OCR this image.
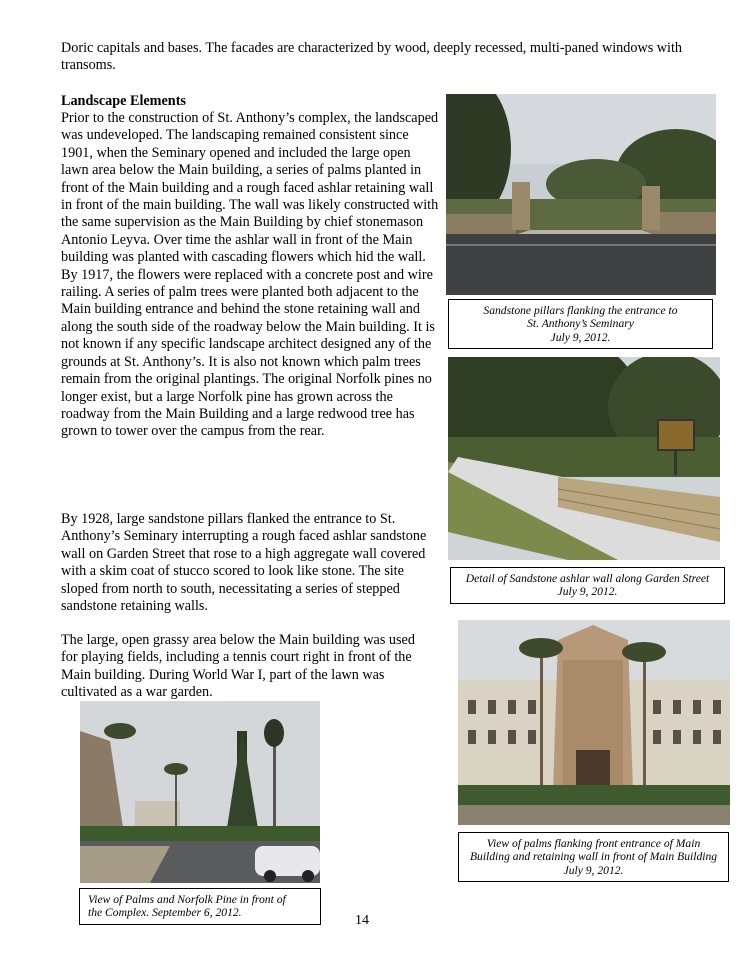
Doric capitals and bases. The facades are characterized by wood, deeply recessed, multi-paned windows with transoms.

Landscape Elements

Prior to the construction of St. Anthony’s complex, the landscaped was undeveloped. The landscaping remained consistent since 1901, when the Seminary opened and included the large open lawn area below the Main building, a series of palms planted in front of the Main building and a rough faced ashlar retaining wall in front of the main building. The wall was likely constructed with the same supervision as the Main Building by chief stonemason Antonio Leyva. Over time the ashlar wall in front of the Main building was planted with cascading flowers which hid the wall. By 1917, the flowers were replaced with a concrete post and wire railing. A series of palm trees were planted both adjacent to the Main building entrance and behind the stone retaining wall and along the south side of the roadway below the Main building. It is not known if any specific landscape architect designed any of the grounds at St. Anthony’s. It is also not known which palm trees remain from the original plantings. The original Norfolk pines no longer exist, but a large Norfolk pine has grown across the roadway from the Main Building and a large redwood tree has grown to tower over the campus from the rear.

By 1928, large sandstone pillars flanked the entrance to St. Anthony’s Seminary interrupting a rough faced ashlar sandstone wall on Garden Street that rose to a high aggregate wall covered with a skim coat of stucco scored to look like stone. The site sloped from north to south, necessitating a series of stepped sandstone retaining walls.

The large, open grassy area below the Main building was used for playing fields, including a tennis court right in front of the Main building. During World War I, part of the lawn was cultivated as a war garden.

Sandstone pillars flanking the entrance to
St. Anthony’s Seminary
July 9, 2012.
Detail of Sandstone ashlar wall along Garden Street
July 9, 2012.
View of palms flanking front entrance of Main
Building and retaining wall in front of Main Building
July 9, 2012.
View of Palms and Norfolk Pine in front of
the Complex. September 6, 2012.
14
